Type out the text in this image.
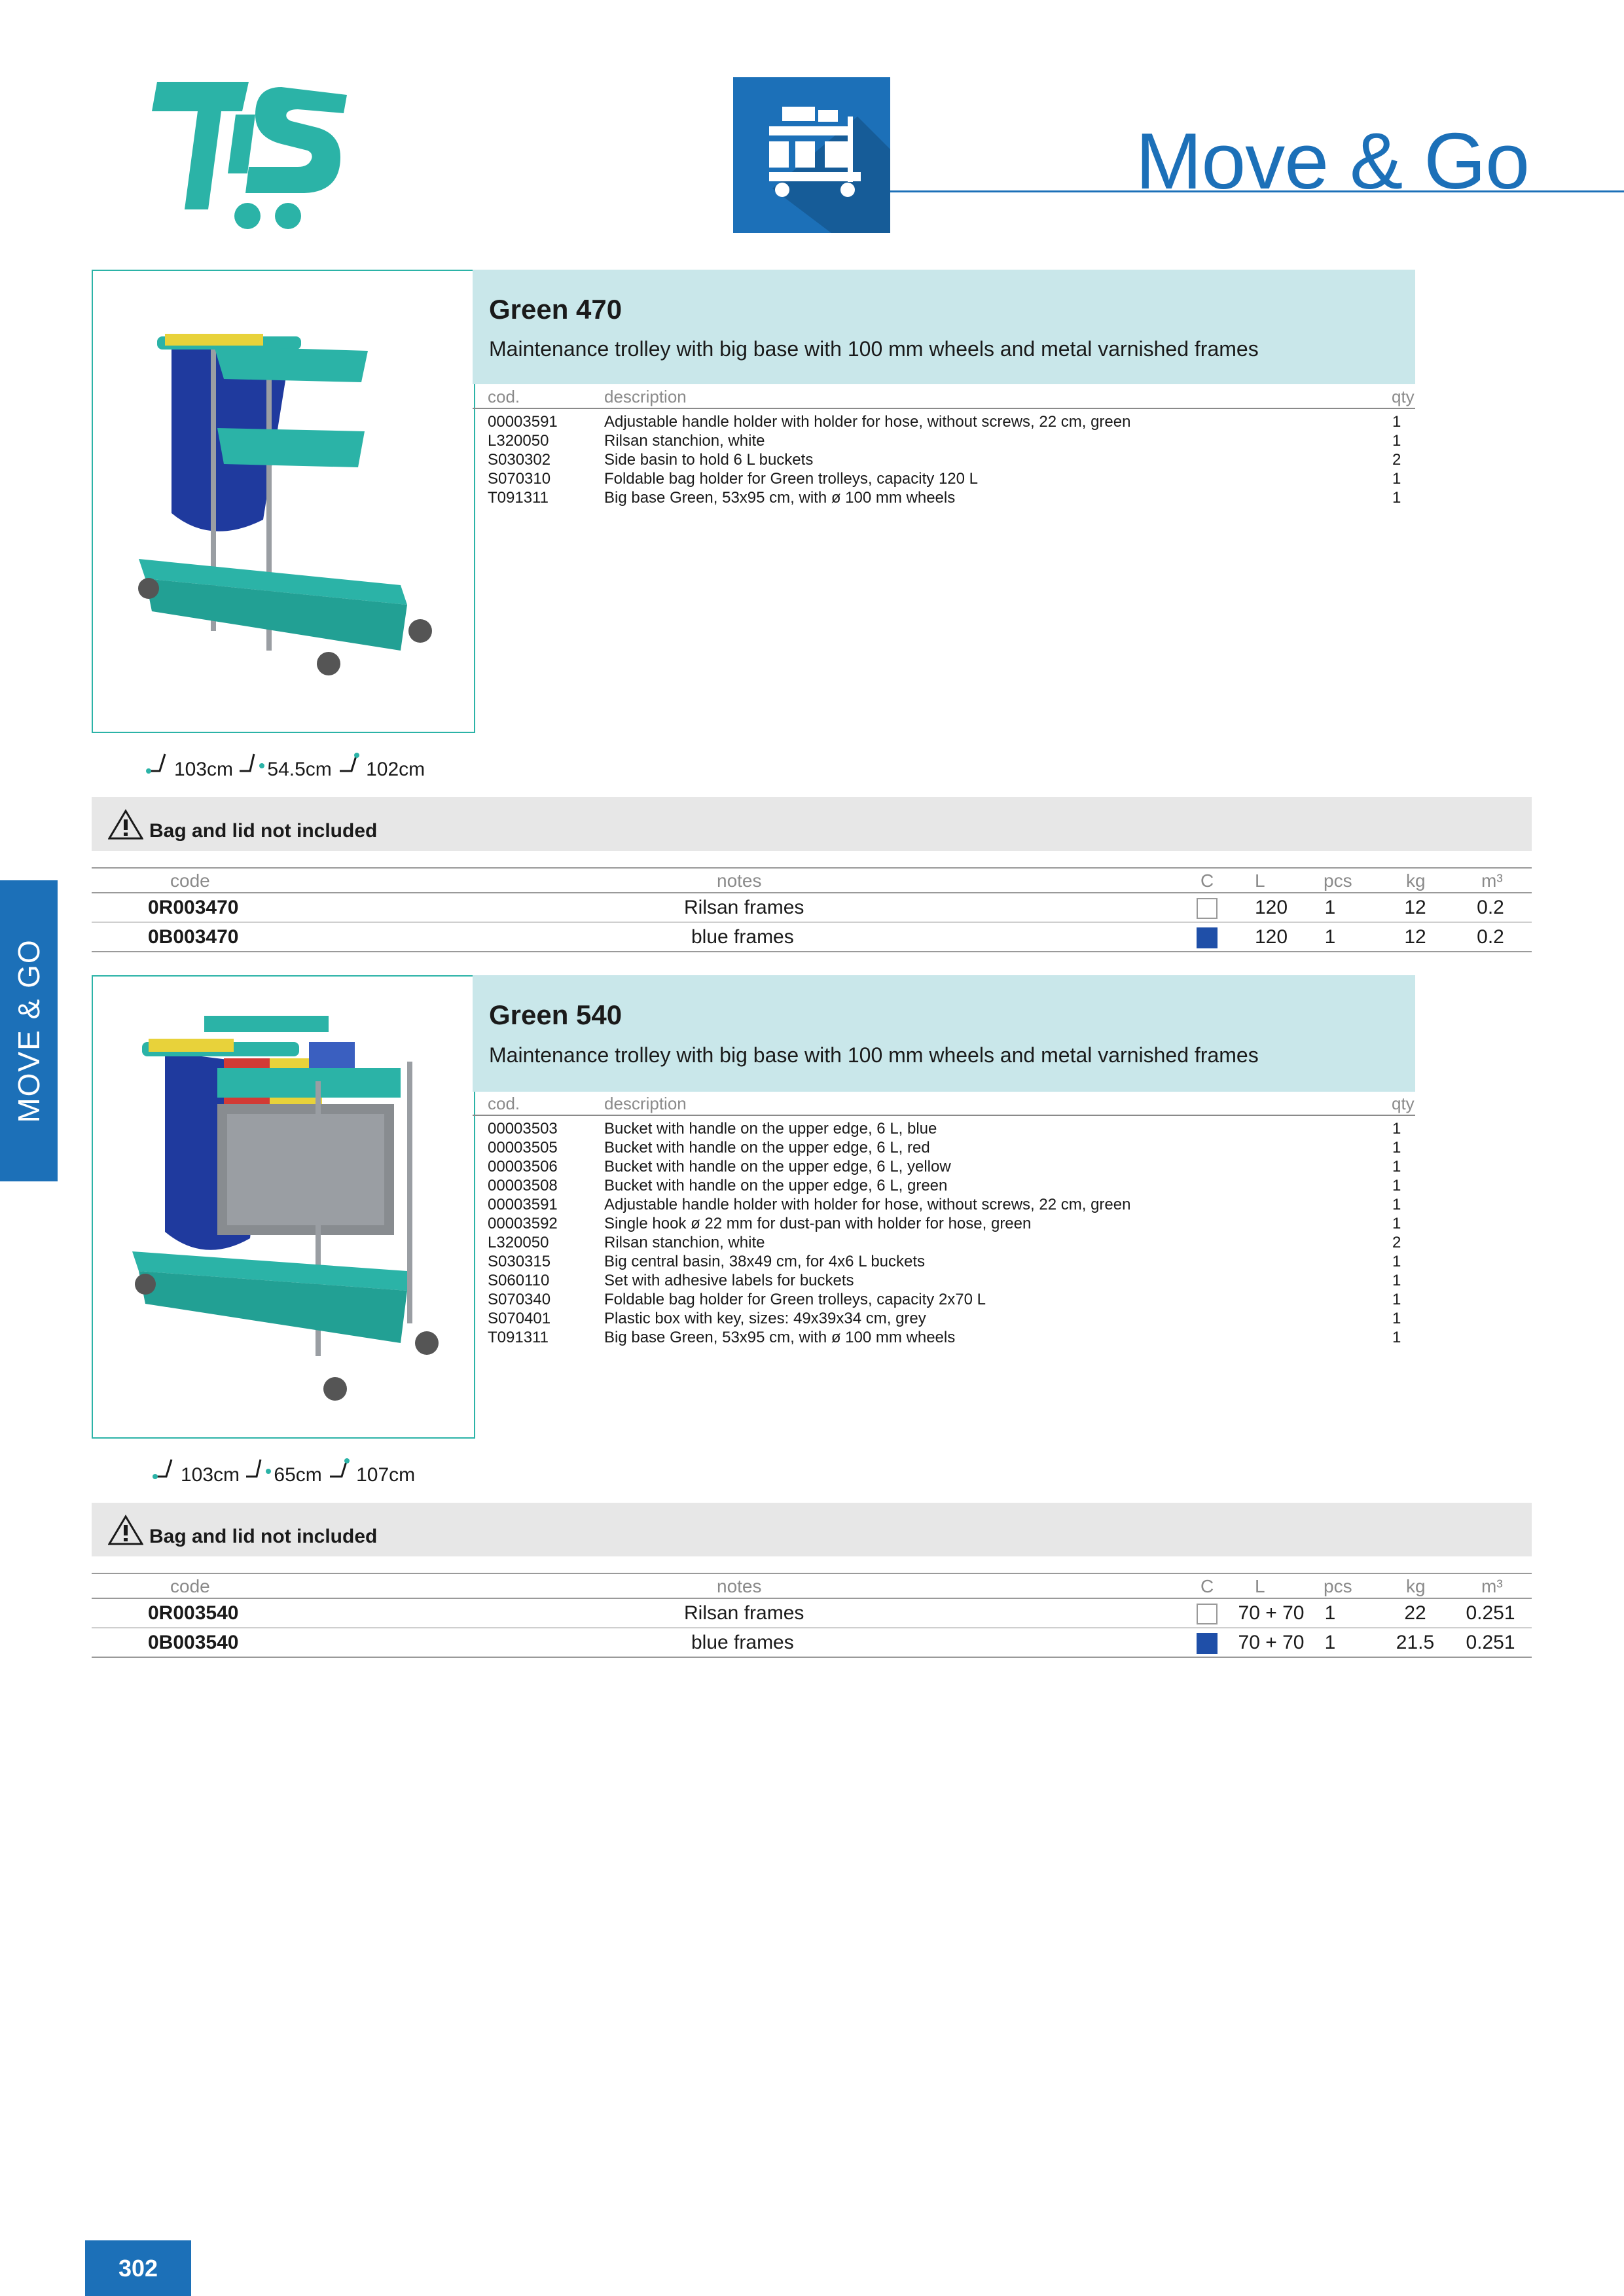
Move & Go
MOVE & GO
Green 470
Maintenance trolley with big base with 100 mm wheels and metal varnished frames
cod.	description	qty
00003591	Adjustable handle holder with holder for hose, without screws, 22 cm, green	1
L320050	Rilsan stanchion, white	1
S030302	Side basin to hold 6 L buckets	2
S070310	Foldable bag holder for Green trolleys, capacity 120 L	1
T091311	Big base Green, 53x95 cm, with ø 100 mm wheels	1
103cm 54.5cm 102cm
Bag and lid not included
code	notes	C L	pcs	kg	m³
0R003470	Rilsan frames	120	1	12	0.2
0B003470	blue frames	120	1	12	0.2
Green 540
Maintenance trolley with big base with 100 mm wheels and metal varnished frames
cod.	description	qty
00003503	Bucket with handle on the upper edge, 6 L, blue	1
00003505	Bucket with handle on the upper edge, 6 L, red	1
00003506	Bucket with handle on the upper edge, 6 L, yellow	1
00003508	Bucket with handle on the upper edge, 6 L, green	1
00003591	Adjustable handle holder with holder for hose, without screws, 22 cm, green	1
00003592	Single hook ø 22 mm for dust-pan with holder for hose, green	1
L320050	Rilsan stanchion, white	2
S030315	Big central basin, 38x49 cm, for 4x6 L buckets	1
S060110	Set with adhesive labels for buckets	1
S070340	Foldable bag holder for Green trolleys, capacity 2x70 L	1
S070401	Plastic box with key, sizes: 49x39x34 cm, grey	1
T091311	Big base Green, 53x95 cm, with ø 100 mm wheels	1
103cm 65cm 107cm
Bag and lid not included
code	notes	C L	pcs	kg	m³
0R003540	Rilsan frames	70 + 70	1	22	0.251
0B003540	blue frames	70 + 70	1	21.5	0.251
302
